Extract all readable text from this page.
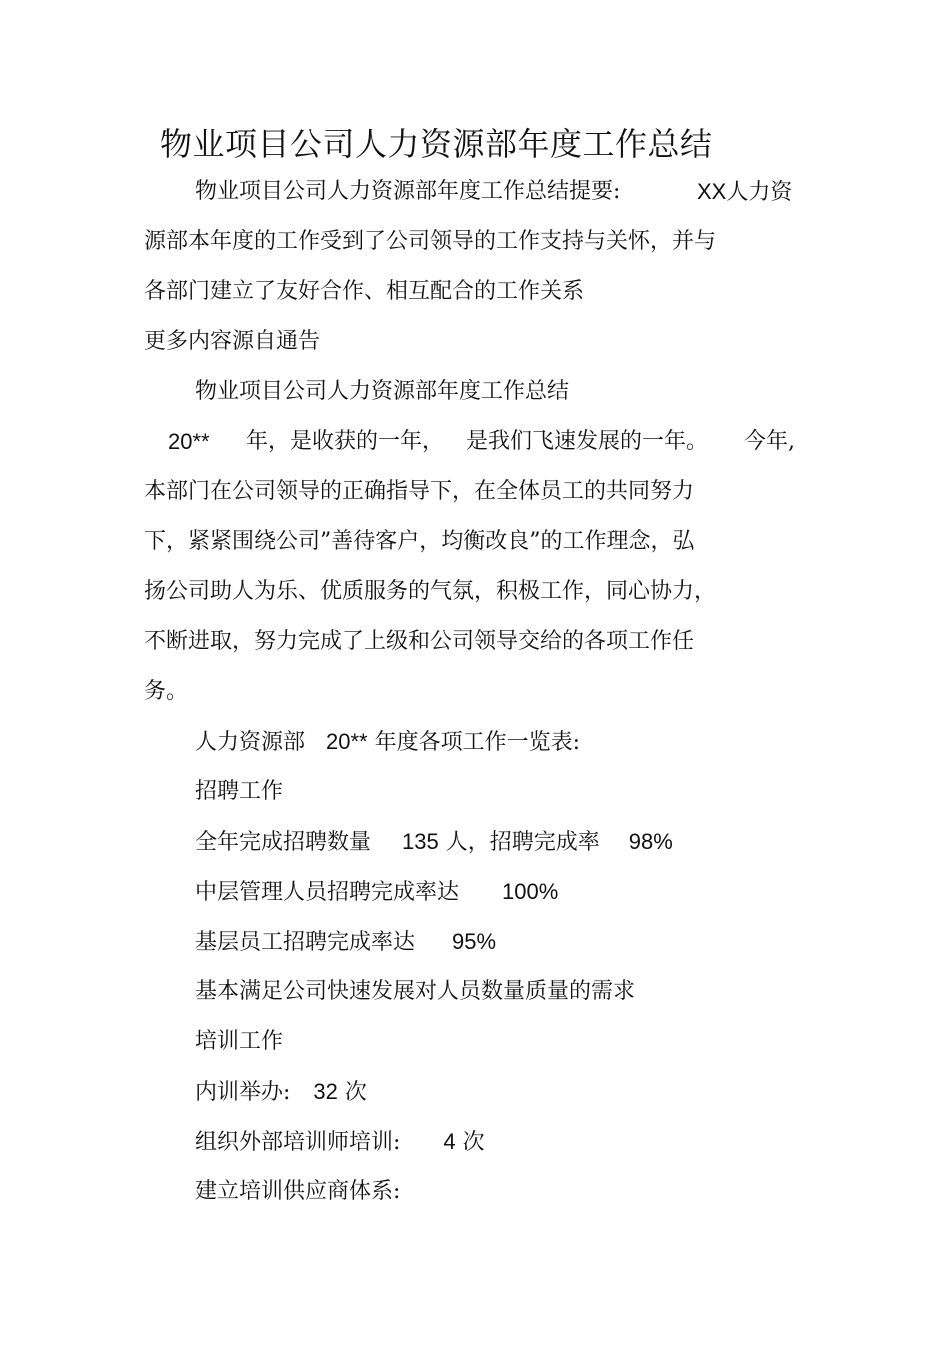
物业项目公司人力资源部年度工作总结
物业项目公司人力资源部年度工作总结提要:	XX人力资
源部本年度的工作受到了公司领导的工作支持与关怀，并与
各部门建立了友好合作、相互配合的工作关系
更多内容源自通告
物业项目公司人力资源部年度工作总结
20** 年，是收获的一年， 是我们飞速发展的一年。 今年,
本部门在公司领导的正确指导下，在全体员工的共同努力
下，紧紧围绕公司”善待客户，均衡改良”的工作理念，弘
扬公司助人为乐、优质服务的气氛，积极工作，同心协力，
不断进取，努力完成了上级和公司领导交给的各项工作任
务。
人力资源部 20** 年度各项工作一览表:
招聘工作
全年完成招聘数量 135 人，招聘完成率 98%
中层管理人员招聘完成率达 100%
基层员工招聘完成率达 95%
基本满足公司快速发展对人员数量质量的需求
培训工作
内训举办: 32 次
组织外部培训师培训: 4 次
建立培训供应商体系:
